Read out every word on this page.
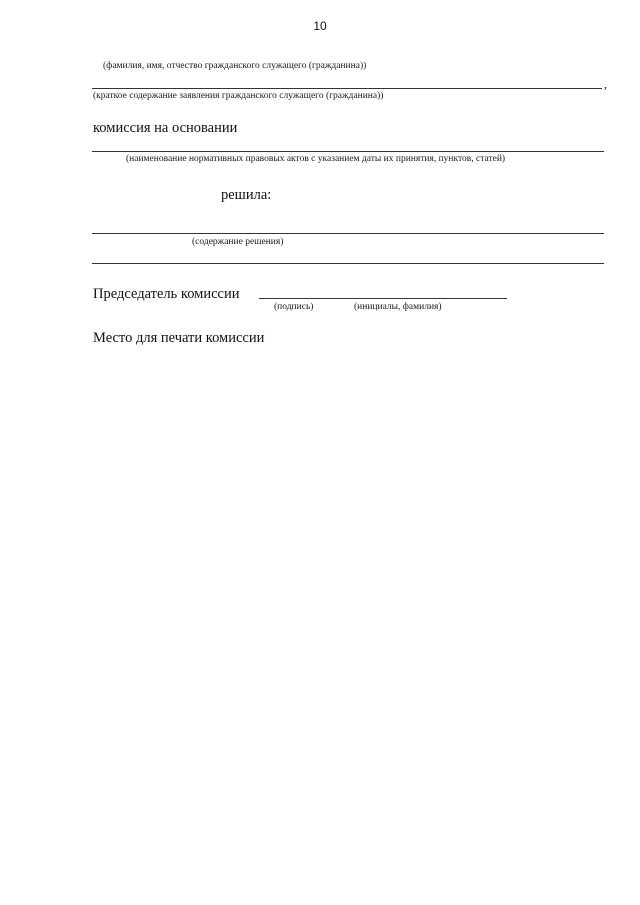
10
(фамилия, имя, отчество гражданского служащего (гражданина))
,
(краткое содержание заявления гражданского служащего (гражданина))
комиссия на основании
(наименование нормативных правовых актов с указанием даты их принятия, пунктов, статей)
решила:
(содержание решения)
Председатель комиссии
(подпись)	(инициалы, фамилия)
Место для печати комиссии
